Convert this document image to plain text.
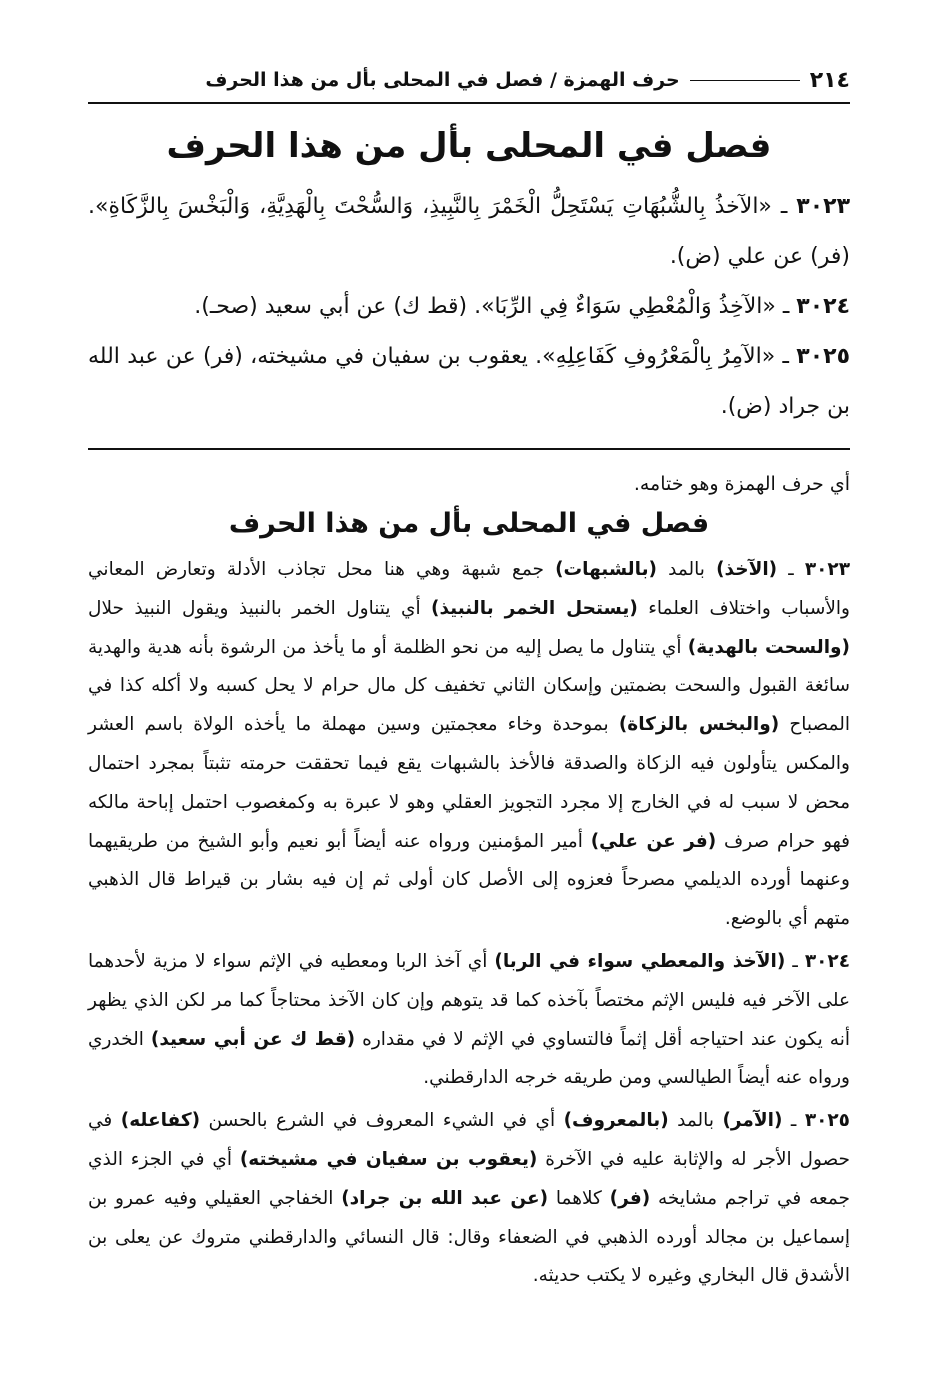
٢١٤
حرف الهمزة / فصل في المحلى بأل من هذا الحرف
فصل في المحلى بأل من هذا الحرف

٣٠٢٣ ـ «الآخذُ بِالشُّبُهَاتِ يَسْتَحِلُّ الْخَمْرَ بِالنَّبِيذِ، وَالسُّحْتَ بِالْهَدِيَّةِ، وَالْبَخْسَ بِالزَّكَاةِ». (فر) عن علي (ض).

٣٠٢٤ ـ «الآخِذُ وَالْمُعْطِي سَوَاءٌ فِي الرِّبَا». (قط ك) عن أبي سعيد (صحـ).

٣٠٢٥ ـ «الآمِرُ بِالْمَعْرُوفِ كَفَاعِلِهِ». يعقوب بن سفيان في مشيخته، (فر) عن عبد الله بن جراد (ض).

أي حرف الهمزة وهو ختامه.

فصل في المحلى بأل من هذا الحرف

٣٠٢٣ ـ (الآخذ) بالمد (بالشبهات) جمع شبهة وهي هنا محل تجاذب الأدلة وتعارض المعاني والأسباب واختلاف العلماء (يستحل الخمر بالنبيذ) أي يتناول الخمر بالنبيذ ويقول النبيذ حلال (والسحت بالهدية) أي يتناول ما يصل إليه من نحو الظلمة أو ما يأخذ من الرشوة بأنه هدية والهدية سائغة القبول والسحت بضمتين وإسكان الثاني تخفيف كل مال حرام لا يحل كسبه ولا أكله كذا في المصباح (والبخس بالزكاة) بموحدة وخاء معجمتين وسين مهملة ما يأخذه الولاة باسم العشر والمكس يتأولون فيه الزكاة والصدقة فالأخذ بالشبهات يقع فيما تحققت حرمته تثبتاً بمجرد احتمال محض لا سبب له في الخارج إلا مجرد التجويز العقلي وهو لا عبرة به وكمغصوب احتمل إباحة مالكه فهو حرام صرف (فر عن علي) أمير المؤمنين ورواه عنه أيضاً أبو نعيم وأبو الشيخ من طريقيهما وعنهما أورده الديلمي مصرحاً فعزوه إلى الأصل كان أولى ثم إن فيه بشار بن قيراط قال الذهبي متهم أي بالوضع.

٣٠٢٤ ـ (الآخذ والمعطي سواء في الربا) أي آخذ الربا ومعطيه في الإثم سواء لا مزية لأحدهما على الآخر فيه فليس الإثم مختصاً بآخذه كما قد يتوهم وإن كان الآخذ محتاجاً كما مر لكن الذي يظهر أنه يكون عند احتياجه أقل إثماً فالتساوي في الإثم لا في مقداره (قط ك عن أبي سعيد) الخدري ورواه عنه أيضاً الطيالسي ومن طريقه خرجه الدارقطني.

٣٠٢٥ ـ (الآمر) بالمد (بالمعروف) أي في الشيء المعروف في الشرع بالحسن (كفاعله) في حصول الأجر له والإثابة عليه في الآخرة (يعقوب بن سفيان في مشيخته) أي في الجزء الذي جمعه في تراجم مشايخه (فر) كلاهما (عن عبد الله بن جراد) الخفاجي العقيلي وفيه عمرو بن إسماعيل بن مجالد أورده الذهبي في الضعفاء وقال: قال النسائي والدارقطني متروك عن يعلى بن الأشدق قال البخاري وغيره لا يكتب حديثه.
